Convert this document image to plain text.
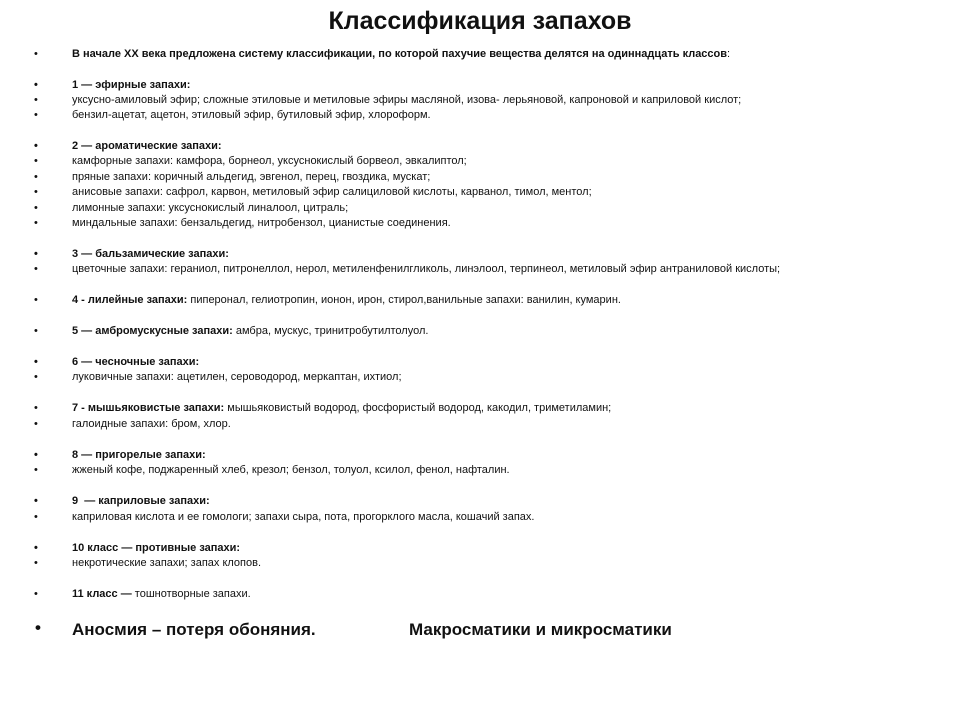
Классификация запахов
•	В начале XX века предложена систему классификации, по которой пахучие вещества делятся на одиннадцать классов:
•	1 — эфирные запахи:
•	уксусно-амиловый эфир; сложные этиловые и метиловые эфиры масляной, изова- лерьяновой, капроновой и каприловой кислот;
•	бензил-ацетат, ацетон, этиловый эфир, бутиловый эфир, хлороформ.
•	2 — ароматические запахи:
•	камфорные запахи: камфора, борнеол, уксуснокислый борвеол, эвкалиптол;
•	пряные запахи: коричный альдегид, эвгенол, перец, гвоздика, мускат;
•	анисовые запахи: сафрол, карвон, метиловый эфир салициловой кислоты, карванол, тимол, ментол;
•	лимонные запахи: уксуснокислый линалоол, цитраль;
•	миндальные запахи: бензальдегид, нитробензол, цианистые соединения.
•	3 — бальзамические запахи:
•	цветочные запахи: гераниол, питронеллол, нерол, метиленфенилгликоль, линэлоол, терпинеол, метиловый эфир антраниловой кислоты;
•	4 - лилейные запахи: пиперонал, гелиотропин, ионон, ирон, стирол,ванильные запахи: ванилин, кумарин.
•	5 — амбромускусные запахи: амбра, мускус, тринитробутилтолуол.
•	6 — чесночные запахи:
•	луковичные запахи: ацетилен, сероводород, меркаптан, ихтиол;
•	7 - мышьяковистые запахи: мышьяковистый водород, фосфористый водород, какодил, триметиламин;
•	галоидные запахи: бром, хлор.
•	8 — пригорелые запахи:
•	жженый кофе, поджаренный хлеб, крезол; бензол, толуол, ксилол, фенол, нафталин.
•	9  — каприловые запахи:
•	каприловая кислота и ее гомологи; запахи сыра, пота, прогорклого масла, кошачий запах.
•	10 класс — противные запахи:
•	некротические запахи; запах клопов.
•	11 класс — тошнотворные запахи.
• Аносмия – потеря обоняния.	Макросматики и микросматики
